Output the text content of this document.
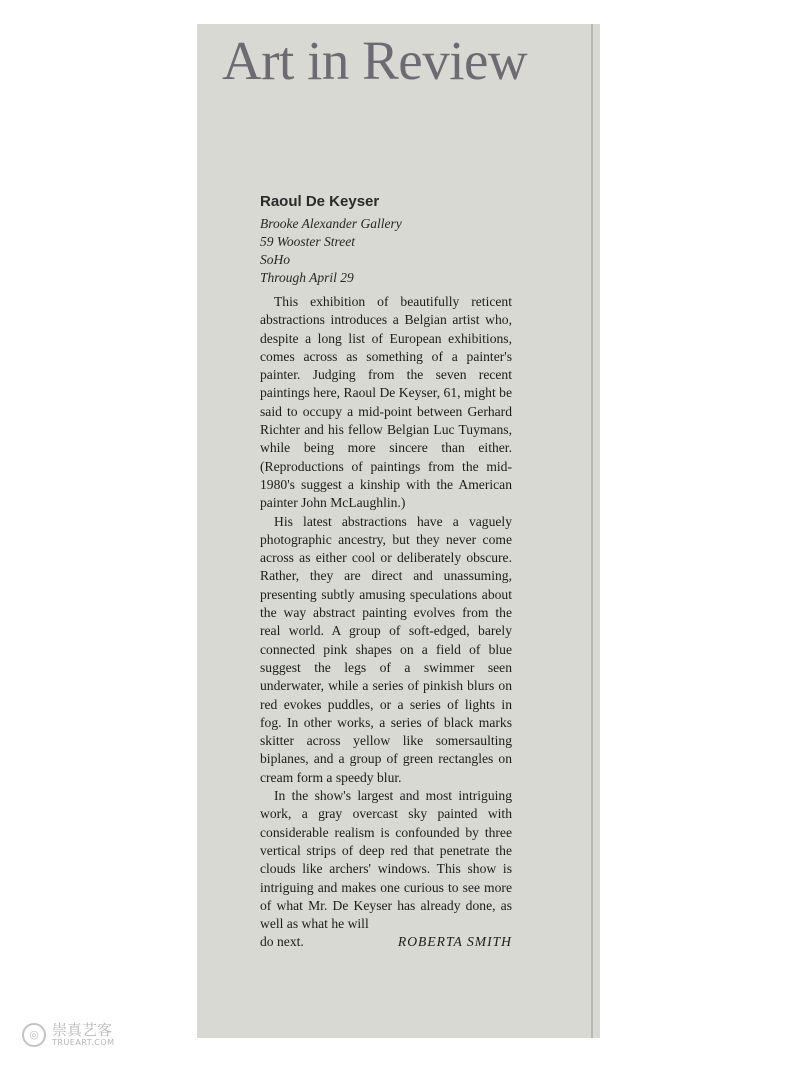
Art in Review
Raoul De Keyser
Brooke Alexander Gallery
59 Wooster Street
SoHo
Through April 29

This exhibition of beautifully reticent abstractions introduces a Belgian artist who, despite a long list of European exhibitions, comes across as something of a painter's painter. Judging from the seven recent paintings here, Raoul De Keyser, 61, might be said to occupy a mid-point between Gerhard Richter and his fellow Belgian Luc Tuymans, while being more sincere than either. (Reproductions of paintings from the mid-1980's suggest a kinship with the American painter John McLaughlin.)

His latest abstractions have a vaguely photographic ancestry, but they never come across as either cool or deliberately obscure. Rather, they are direct and unassuming, presenting subtly amusing speculations about the way abstract painting evolves from the real world. A group of soft-edged, barely connected pink shapes on a field of blue suggest the legs of a swimmer seen underwater, while a series of pinkish blurs on red evokes puddles, or a series of lights in fog. In other works, a series of black marks skitter across yellow like somersaulting biplanes, and a group of green rectangles on cream form a speedy blur.

In the show's largest and most intriguing work, a gray overcast sky painted with considerable realism is confounded by three vertical strips of deep red that penetrate the clouds like archers' windows. This show is intriguing and makes one curious to see more of what Mr. De Keyser has already done, as well as what he will

do next.	ROBERTA SMITH
◎ 崇真艺客
TRUEART.COM
